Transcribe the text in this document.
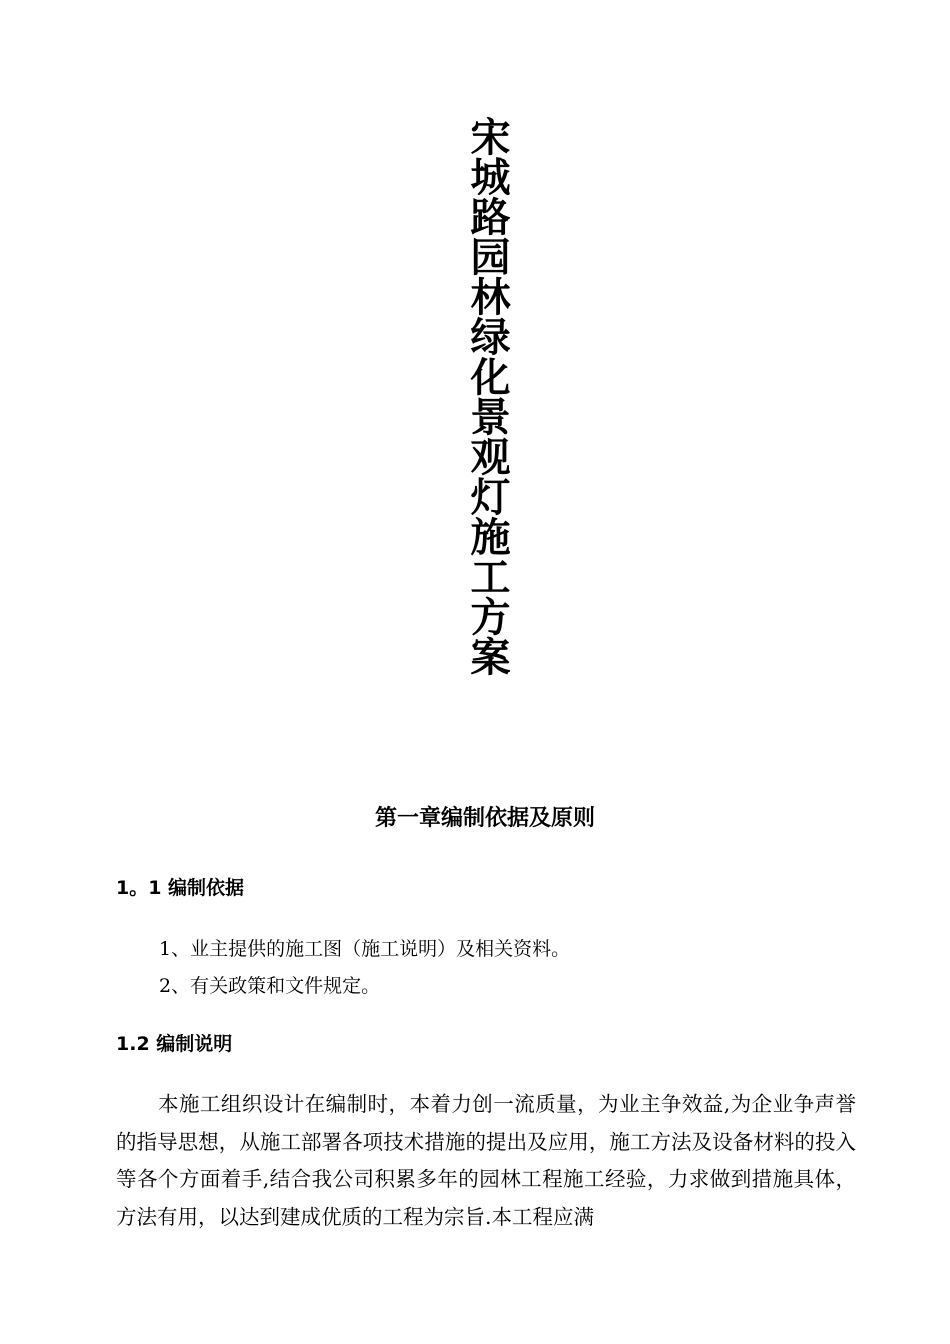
宋城路园林绿化景观灯施工方案
第一章编制依据及原则
1。1 编制依据
1、业主提供的施工图（施工说明）及相关资料。
2、有关政策和文件规定。
1.2 编制说明

本施工组织设计在编制时，本着力创一流质量，为业主争效益,为企业争声誉的指导思想，从施工部署各项技术措施的提出及应用，施工方法及设备材料的投入等各个方面着手,结合我公司积累多年的园林工程施工经验，力求做到措施具体，方法有用，以达到建成优质的工程为宗旨.本工程应满
